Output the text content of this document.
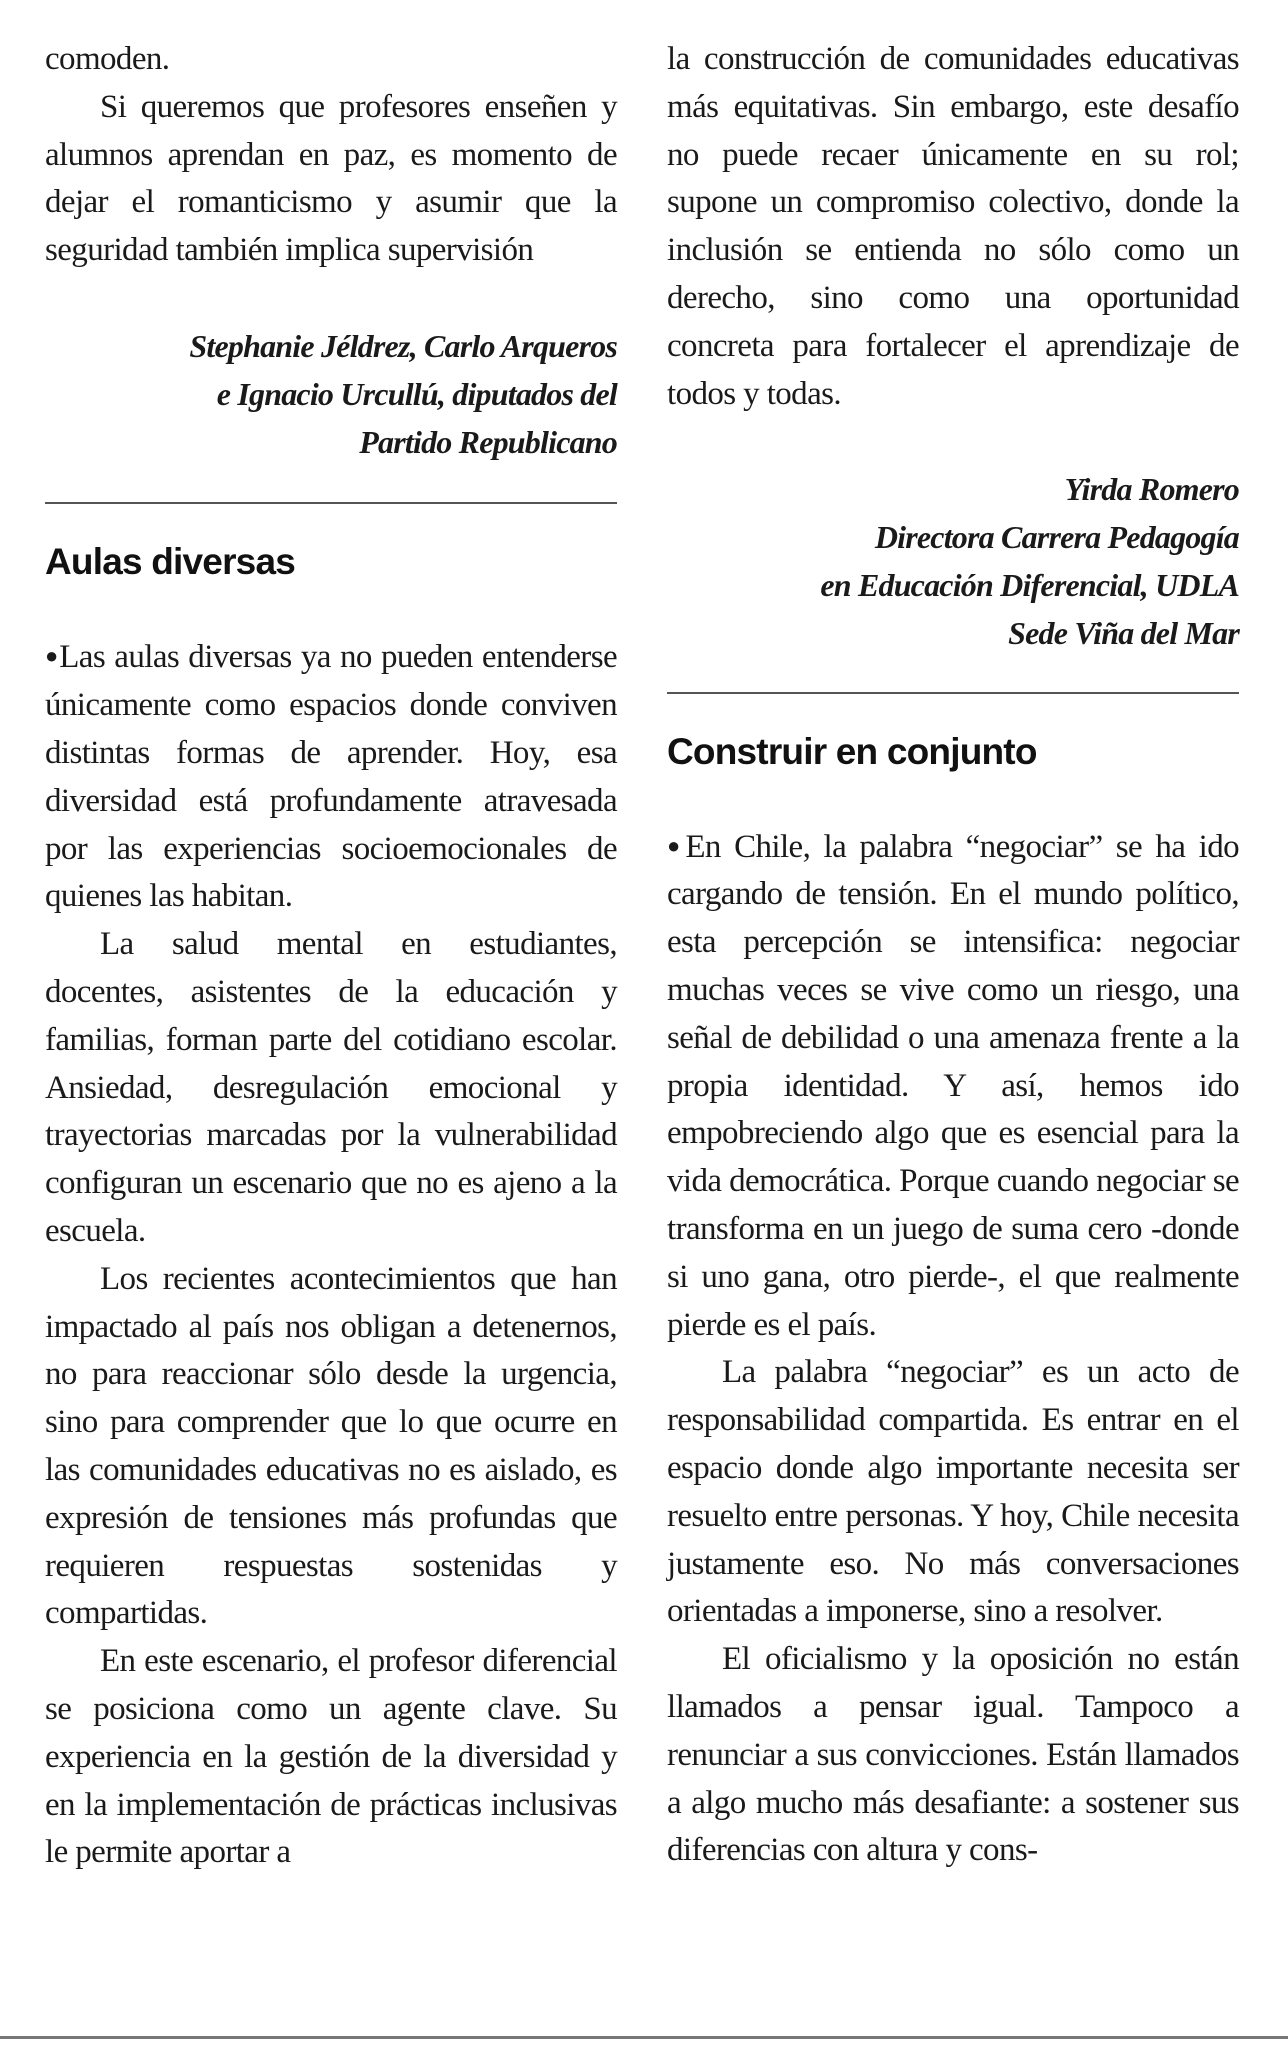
comoden.

Si queremos que profesores enseñen y alumnos aprendan en paz, es momento de dejar el romanticismo y asumir que la seguridad también implica supervisión

Stephanie Jéldrez, Carlo Arqueros

e Ignacio Urcullú, diputados del

Partido Republicano

Aulas diversas

●Las aulas diversas ya no pueden entenderse únicamente como espacios donde conviven distintas formas de aprender. Hoy, esa diversidad está profundamente atravesada por las experiencias socioemocionales de quienes las habitan.

La salud mental en estudiantes, docentes, asistentes de la educación y familias, forman parte del cotidiano escolar. Ansiedad, desregulación emocional y trayectorias marcadas por la vulnerabilidad configuran un escenario que no es ajeno a la escuela.

Los recientes acontecimientos que han impactado al país nos obligan a detenernos, no para reaccionar sólo desde la urgencia, sino para comprender que lo que ocurre en las comunidades educativas no es aislado, es expresión de tensiones más profundas que requieren respuestas sostenidas y compartidas.

En este escenario, el profesor diferencial se posiciona como un agente clave. Su experiencia en la gestión de la diversidad y en la implementación de prácticas inclusivas le permite aportar a

la construcción de comunidades educativas más equitativas. Sin embargo, este desafío no puede recaer únicamente en su rol; supone un compromiso colectivo, donde la inclusión se entienda no sólo como un derecho, sino como una oportunidad concreta para fortalecer el aprendizaje de todos y todas.

Yirda Romero

Directora Carrera Pedagogía

en Educación Diferencial, UDLA

Sede Viña del Mar

Construir en conjunto

●En Chile, la palabra “negociar” se ha ido cargando de tensión. En el mundo político, esta percepción se intensifica: negociar muchas veces se vive como un riesgo, una señal de debilidad o una amenaza frente a la propia identidad. Y así, hemos ido empobreciendo algo que es esencial para la vida democrática. Porque cuando negociar se transforma en un juego de suma cero -donde si uno gana, otro pierde-, el que realmente pierde es el país.

La palabra “negociar” es un acto de responsabilidad compartida. Es entrar en el espacio donde algo importante necesita ser resuelto entre personas. Y hoy, Chile necesita justamente eso. No más conversaciones orientadas a imponerse, sino a resolver.

El oficialismo y la oposición no están llamados a pensar igual. Tampoco a renunciar a sus convicciones. Están llamados a algo mucho más desafiante: a sostener sus diferencias con altura y cons-
